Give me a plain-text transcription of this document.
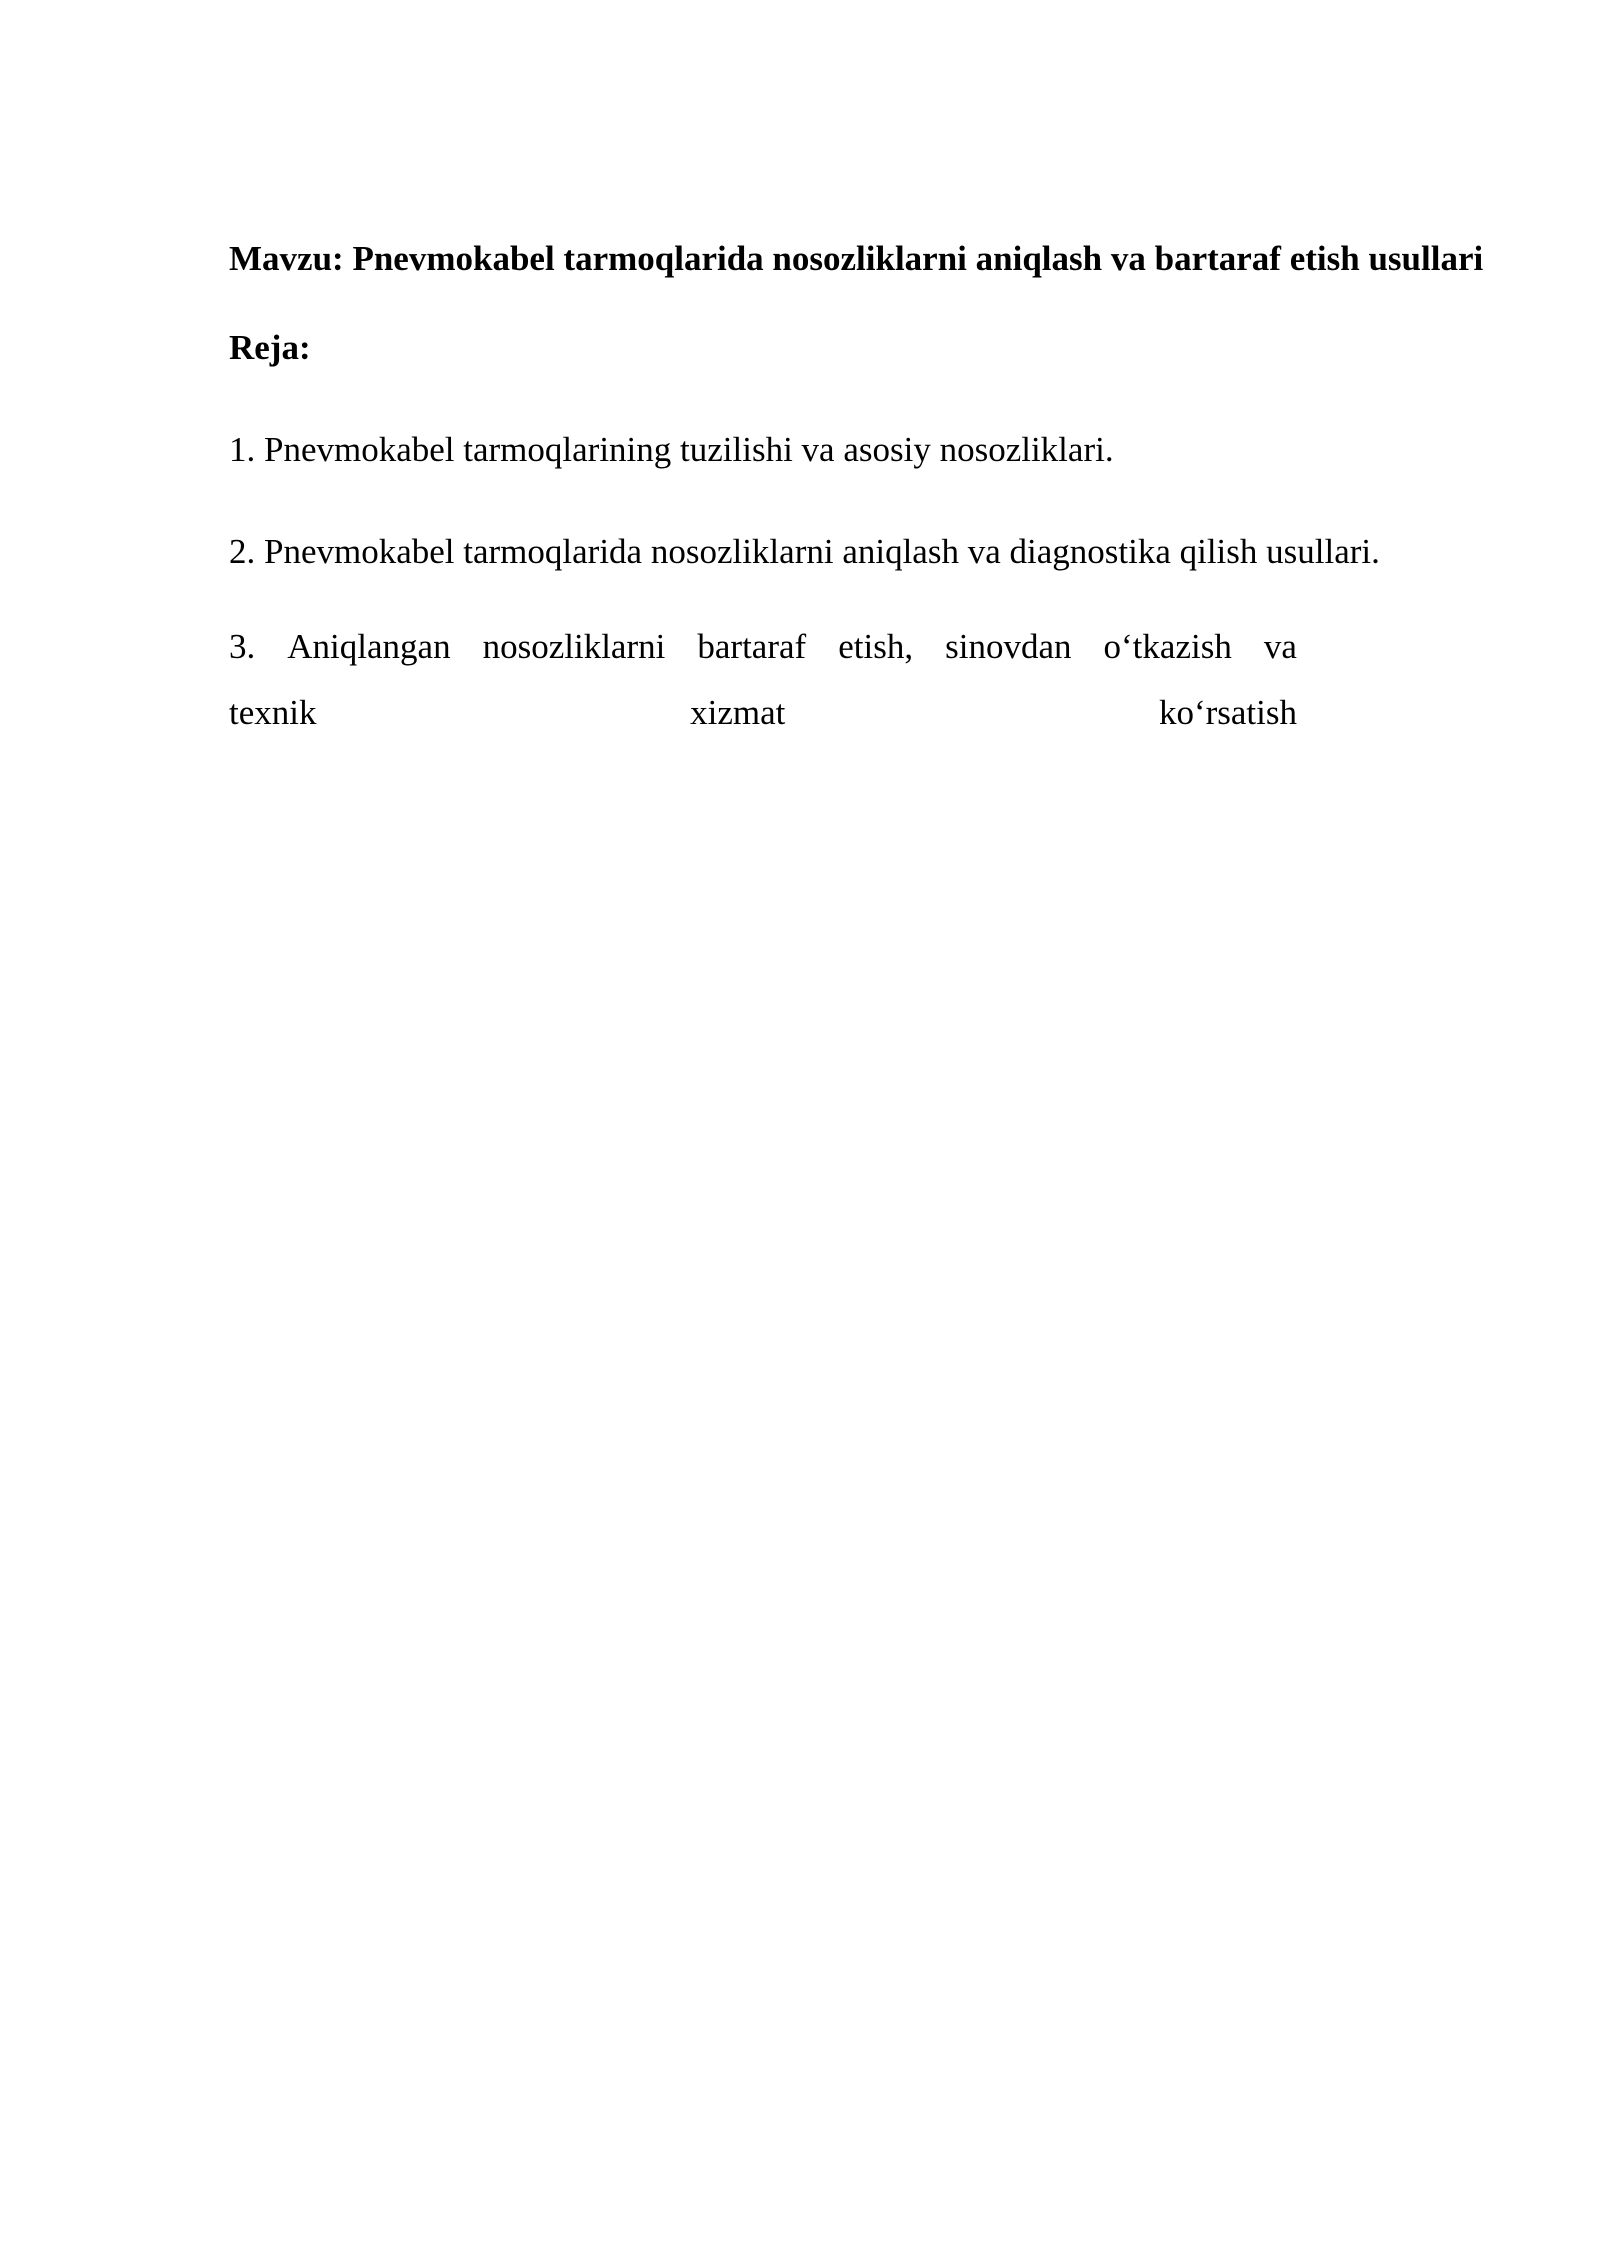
Mavzu: Pnevmokabel tarmoqlarida nosozliklarni aniqlash va bartaraf etish usullari

Reja:

1. Pnevmokabel tarmoqlarining tuzilishi va asosiy nosozliklari.
2. Pnevmokabel tarmoqlarida nosozliklarni aniqlash va diagnostika qilish usullari.
3. Aniqlangan nosozliklarni bartaraf etish, sinovdan o‘tkazish va
texnik	xizmat	ko‘rsatish
